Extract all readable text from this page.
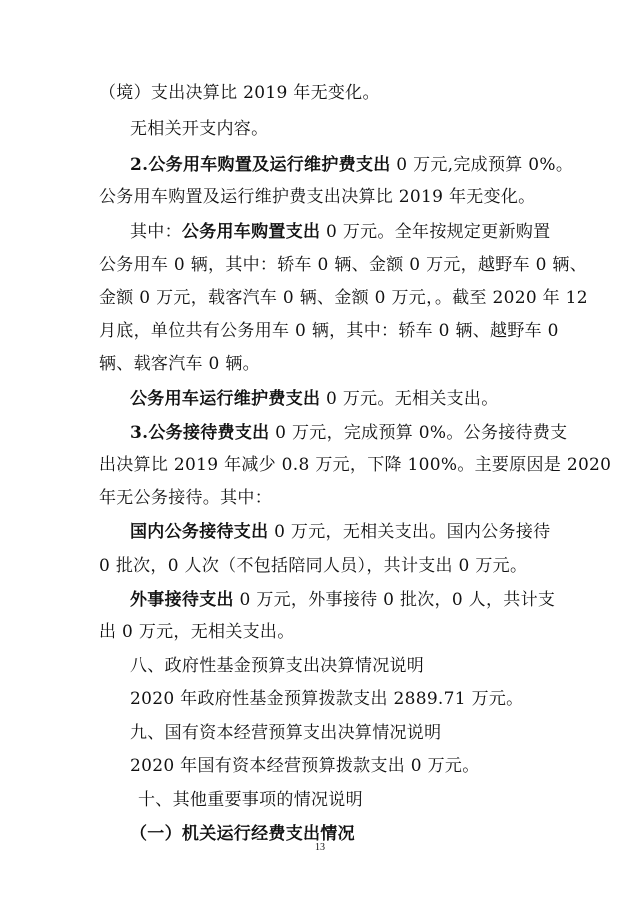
（境）支出决算比 2019 年无变化。
无相关开支内容。
2.公务用车购置及运行维护费支出 0 万元,完成预算 0%。
公务用车购置及运行维护费支出决算比 2019 年无变化。
其中：公务用车购置支出 0 万元。全年按规定更新购置
公务用车 0 辆，其中：轿车 0 辆、金额 0 万元，越野车 0 辆、
金额 0 万元，载客汽车 0 辆、金额 0 万元，。截至 2020 年 12
月底，单位共有公务用车 0 辆，其中：轿车 0 辆、越野车 0
辆、载客汽车 0 辆。
公务用车运行维护费支出 0 万元。无相关支出。
3.公务接待费支出 0 万元，完成预算 0%。公务接待费支
出决算比 2019 年减少 0.8 万元，下降 100%。主要原因是 2020
年无公务接待。其中：
国内公务接待支出 0 万元，无相关支出。国内公务接待
0 批次，0 人次（不包括陪同人员），共计支出 0 万元。
外事接待支出 0 万元，外事接待 0 批次，0 人，共计支
出 0 万元，无相关支出。
八、政府性基金预算支出决算情况说明
2020 年政府性基金预算拨款支出 2889.71 万元。
九、国有资本经营预算支出决算情况说明
2020 年国有资本经营预算拨款支出 0 万元。
十、其他重要事项的情况说明
（一）机关运行经费支出情况
13
